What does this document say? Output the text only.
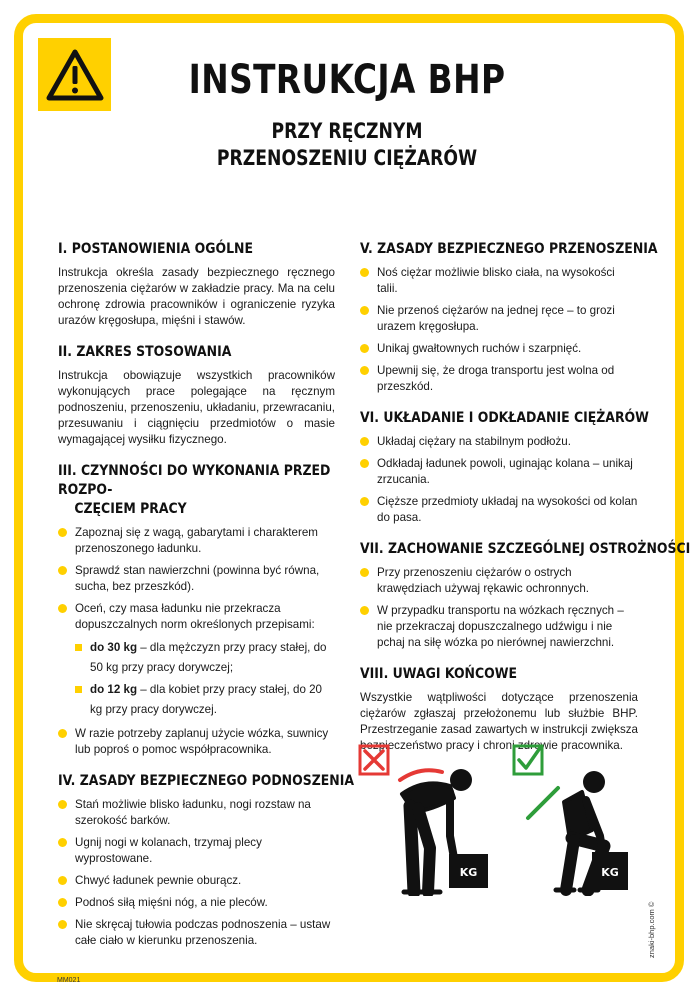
INSTRUKCJA BHP
PRZY RĘCZNYM
PRZENOSZENIU CIĘŻARÓW
I. POSTANOWIENIA OGÓLNE

Instrukcja określa zasady bezpiecznego ręcznego przenoszenia ciężarów w zakładzie pracy. Ma na celu ochronę zdrowia pracowników i ograniczenie ryzyka urazów kręgosłupa, mięśni i stawów.

II. ZAKRES STOSOWANIA

Instrukcja obowiązuje wszystkich pracowników wykonujących prace polegające na ręcznym podnoszeniu, przenoszeniu, układaniu, przewracaniu, przesuwaniu i ciągnięciu przedmiotów o masie wymagającej wysiłku fizycznego.

III. CZYNNOŚCI DO WYKONANIA PRZED ROZPO-
CZĘCIEM PRACY
Zapoznaj się z wagą, gabarytami i charakterem przenoszonego ładunku.
Sprawdź stan nawierzchni (powinna być równa, sucha, bez przeszkód).
Oceń, czy masa ładunku nie przekracza dopuszczalnych norm określonych przepisami:
do 30 kg – dla mężczyzn przy pracy stałej, do 50 kg przy pracy dorywczej;
do 12 kg – dla kobiet przy pracy stałej, do 20 kg przy pracy dorywczej.
W razie potrzeby zaplanuj użycie wózka, suwnicy lub poproś o pomoc współpracownika.
IV. ZASADY BEZPIECZNEGO PODNOSZENIA
Stań możliwie blisko ładunku, nogi rozstaw na szerokość barków.
Ugnij nogi w kolanach, trzymaj plecy wyprostowane.
Chwyć ładunek pewnie oburącz.
Podnoś siłą mięśni nóg, a nie pleców.
Nie skręcaj tułowia podczas podnoszenia – ustaw całe ciało w kierunku przenoszenia.
V. ZASADY BEZPIECZNEGO PRZENOSZENIA
Noś ciężar możliwie blisko ciała, na wysokości talii.
Nie przenoś ciężarów na jednej ręce – to grozi urazem kręgosłupa.
Unikaj gwałtownych ruchów i szarpnięć.
Upewnij się, że droga transportu jest wolna od przeszkód.
VI. UKŁADANIE I ODKŁADANIE CIĘŻARÓW
Układaj ciężary na stabilnym podłożu.
Odkładaj ładunek powoli, uginając kolana – unikaj zrzucania.
Cięższe przedmioty układaj na wysokości od kolan do pasa.
VII. ZACHOWANIE SZCZEGÓLNEJ OSTROŻNOŚCI
Przy przenoszeniu ciężarów o ostrych krawędziach używaj rękawic ochronnych.
W przypadku transportu na wózkach ręcznych – nie przekraczaj dopuszczalnego udźwigu i nie pchaj na siłę wózka po nierównej nawierzchni.
VIII. UWAGI KOŃCOWE

Wszystkie wątpliwości dotyczące przenoszenia ciężarów zgłaszaj przełożonemu lub służbie BHP. Przestrzeganie zasad zawartych w instrukcji zwiększa bezpieczeństwo pracy i chroni zdrowie pracownika.

KG	KG
znaki-bhp.com ©
MM021
